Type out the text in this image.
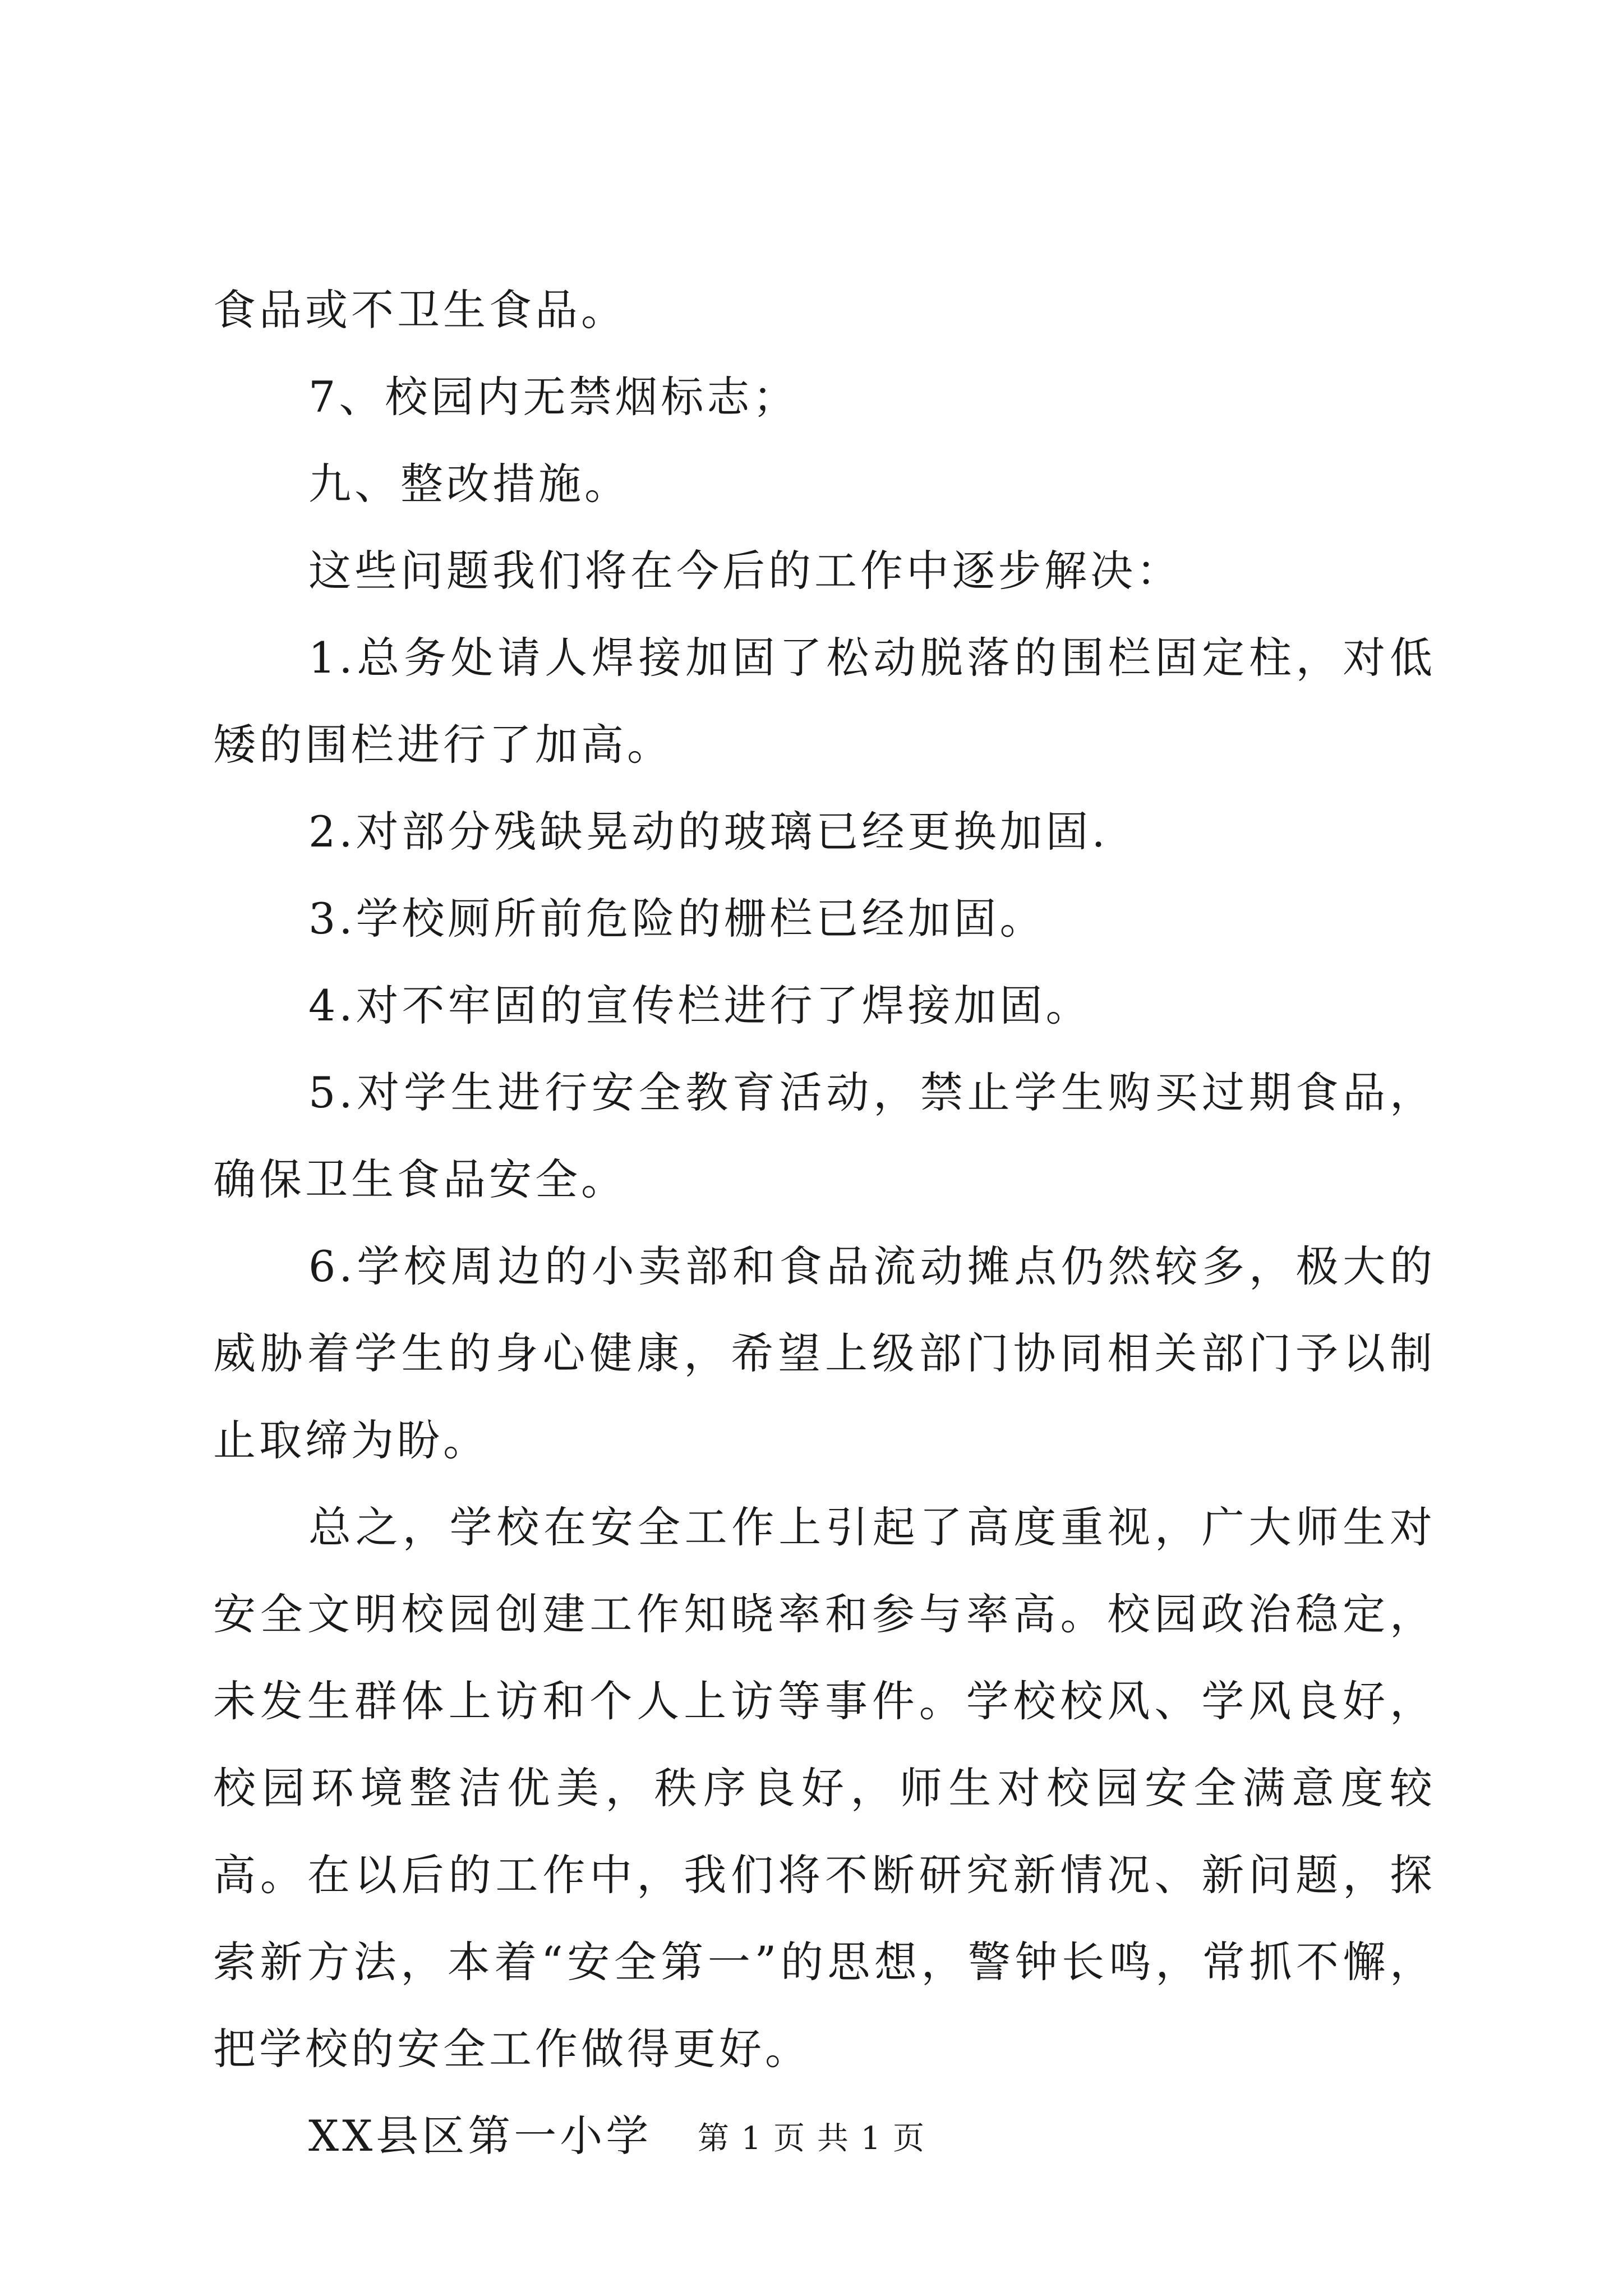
食品或不卫生食品。

7、校园内无禁烟标志；

九、整改措施。

这些问题我们将在今后的工作中逐步解决：

1.总务处请人焊接加固了松动脱落的围栏固定柱，对低矮的围栏进行了加高。

2.对部分残缺晃动的玻璃已经更换加固.

3.学校厕所前危险的栅栏已经加固。

4.对不牢固的宣传栏进行了焊接加固。

5.对学生进行安全教育活动，禁止学生购买过期食品，确保卫生食品安全。

6.学校周边的小卖部和食品流动摊点仍然较多，极大的威胁着学生的身心健康，希望上级部门协同相关部门予以制止取缔为盼。

总之，学校在安全工作上引起了高度重视，广大师生对安全文明校园创建工作知晓率和参与率高。校园政治稳定，未发生群体上访和个人上访等事件。学校校风、学风良好，校园环境整洁优美，秩序良好，师生对校园安全满意度较高。在以后的工作中，我们将不断研究新情况、新问题，探索新方法，本着“安全第一”的思想，警钟长鸣，常抓不懈，把学校的安全工作做得更好。

XX县区第一小学	第 1 页 共 1 页
